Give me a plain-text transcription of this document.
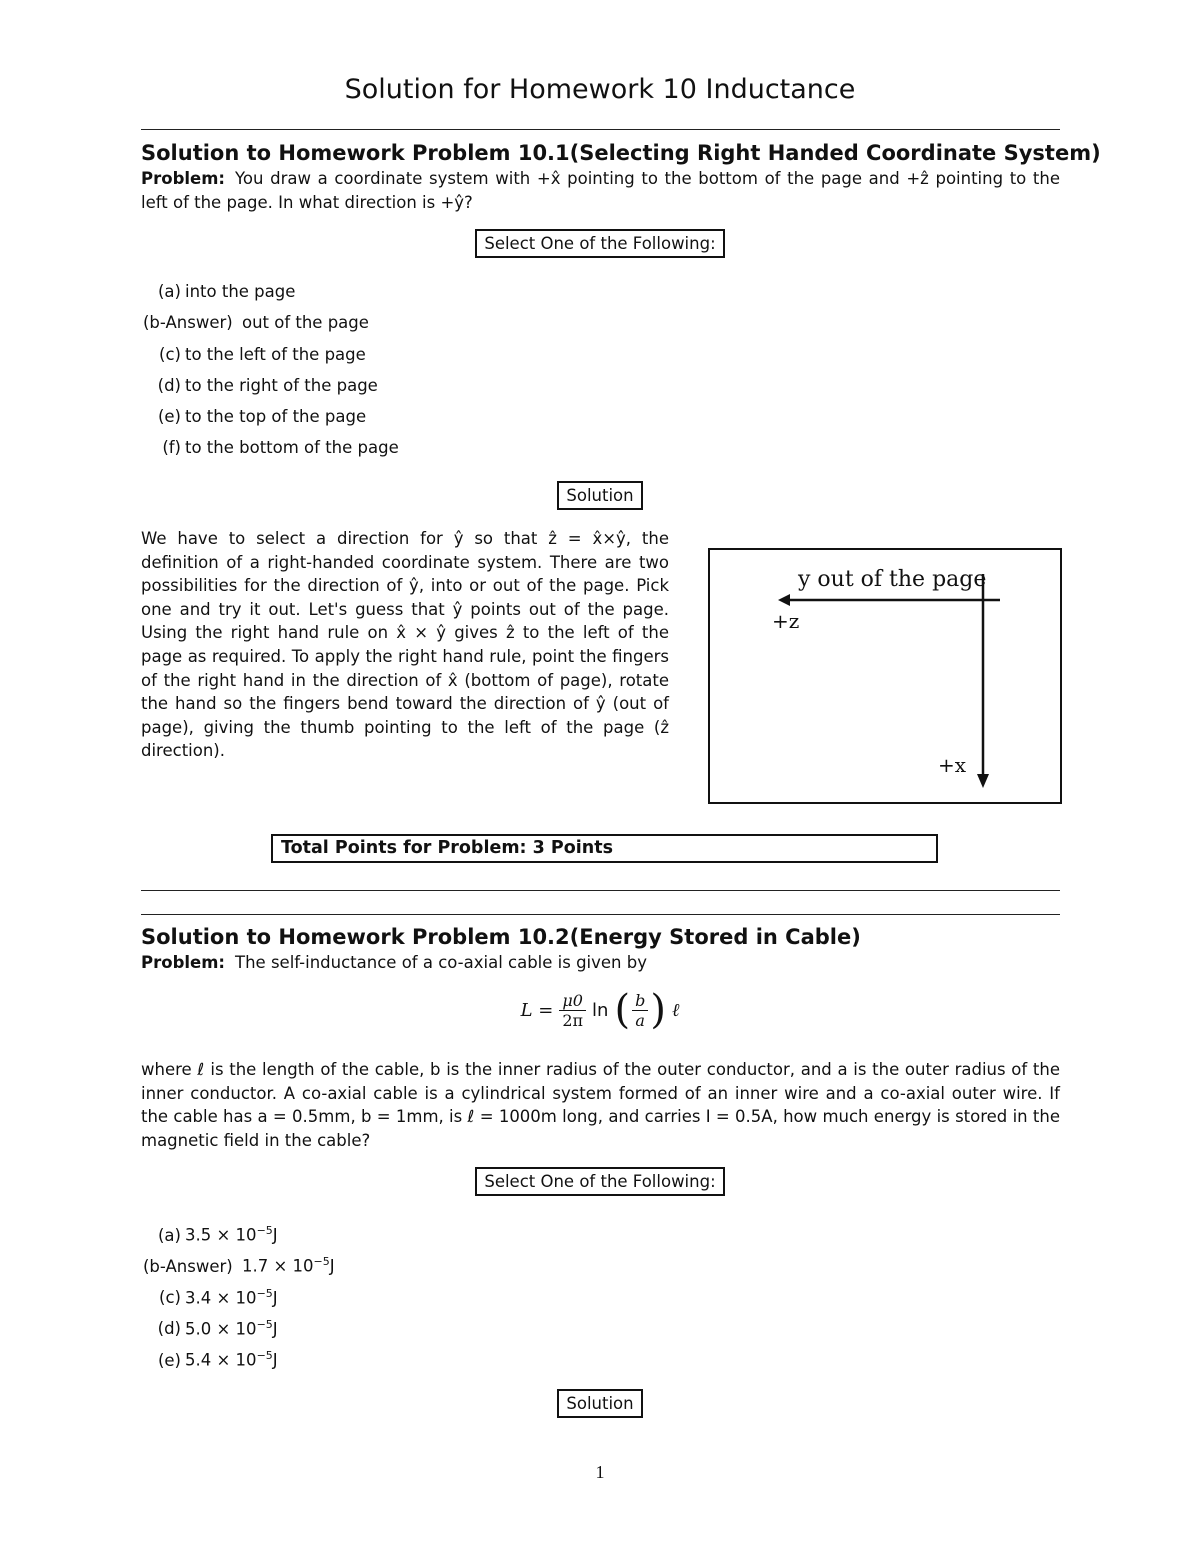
Solution for Homework 10 Inductance
Solution to Homework Problem 10.1(Selecting Right Handed Coordinate System)
Problem: You draw a coordinate system with +x̂ pointing to the bottom of the page and +ẑ pointing to the left of the page. In what direction is +ŷ?
Select One of the Following:
(a) into the page
(b-Answer) out of the page
(c) to the left of the page
(d) to the right of the page
(e) to the top of the page
(f) to the bottom of the page
Solution
We have to select a direction for ŷ so that ẑ = x̂×ŷ, the definition of a right-handed coordinate system. There are two possibilities for the direction of ŷ, into or out of the page. Pick one and try it out. Let's guess that ŷ points out of the page. Using the right hand rule on x̂ × ŷ gives ẑ to the left of the page as required. To apply the right hand rule, point the fingers of the right hand in the direction of x̂ (bottom of page), rotate the hand so the fingers bend toward the direction of ŷ (out of page), giving the thumb pointing to the left of the page (ẑ direction).
y out of the page
+z
+x
Total Points for Problem: 3 Points
Solution to Homework Problem 10.2(Energy Stored in Cable)
Problem: The self-inductance of a co-axial cable is given by
$L = \frac{\mu 0}{2\pi}$ ln ( $\frac{b}{a}$ ) ℓ
where ℓ is the length of the cable, b is the inner radius of the outer conductor, and a is the outer radius of the inner conductor. A co-axial cable is a cylindrical system formed of an inner wire and a co-axial outer wire. If the cable has a = 0.5mm, b = 1mm, is ℓ = 1000m long, and carries I = 0.5A, how much energy is stored in the magnetic field in the cable?
Select One of the Following:
(a) $3.5 \times 10^{-5}J$
(b-Answer) $1.7 \times 10^{-5}J$
(c) $3.4 \times 10^{-5}J$
(d) $5.0 \times 10^{-5}J$
(e) $5.4 \times 10^{-5}J$
Solution
1
